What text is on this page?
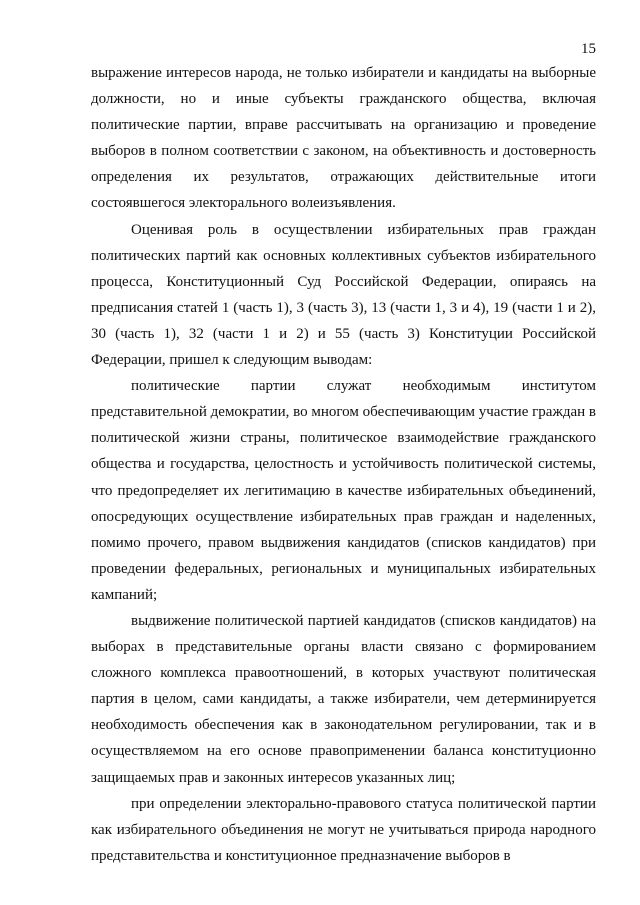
15

выражение интересов народа, не только избиратели и кандидаты на выборные должности, но и иные субъекты гражданского общества, включая политические партии, вправе рассчитывать на организацию и проведение выборов в полном соответствии с законом, на объективность и достоверность определения их результатов, отражающих действительные итоги состоявшегося электорального волеизъявления.

Оценивая роль в осуществлении избирательных прав граждан политических партий как основных коллективных субъектов избирательного процесса, Конституционный Суд Российской Федерации, опираясь на предписания статей 1 (часть 1), 3 (часть 3), 13 (части 1, 3 и 4), 19 (части 1 и 2), 30 (часть 1), 32 (части 1 и 2) и 55 (часть 3) Конституции Российской Федерации, пришел к следующим выводам:

политические партии служат необходимым институтом представительной демократии, во многом обеспечивающим участие граждан в политической жизни страны, политическое взаимодействие гражданского общества и государства, целостность и устойчивость политической системы, что предопределяет их легитимацию в качестве избирательных объединений, опосредующих осуществление избирательных прав граждан и наделенных, помимо прочего, правом выдвижения кандидатов (списков кандидатов) при проведении федеральных, региональных и муниципальных избирательных кампаний;

выдвижение политической партией кандидатов (списков кандидатов) на выборах в представительные органы власти связано с формированием сложного комплекса правоотношений, в которых участвуют политическая партия в целом, сами кандидаты, а также избиратели, чем детерминируется необходимость обеспечения как в законодательном регулировании, так и в осуществляемом на его основе правоприменении баланса конституционно защищаемых прав и законных интересов указанных лиц;

при определении электорально-правового статуса политической партии как избирательного объединения не могут не учитываться природа народного представительства и конституционное предназначение выборов в
